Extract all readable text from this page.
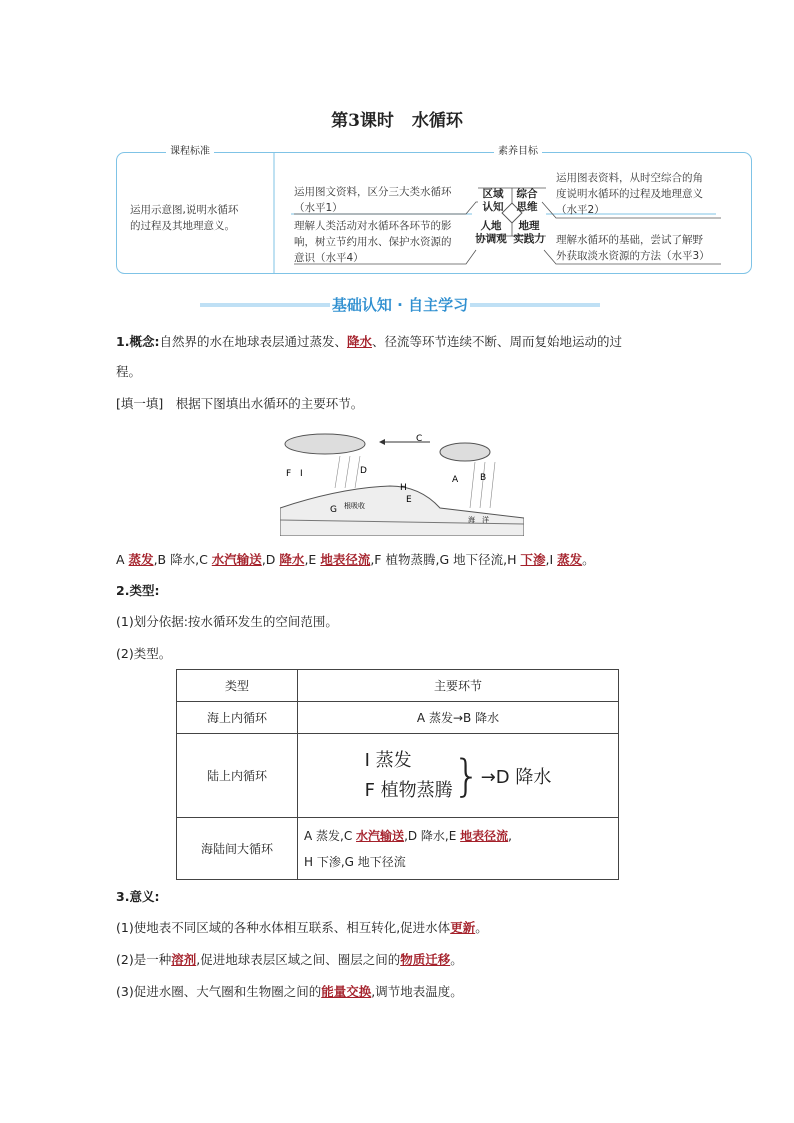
第3课时 水循环
课程标准	素养目标
运用示意图,说明水循环
的过程及其地理意义。
运用图文资料，区分三大类水循环
（水平1）
理解人类活动对水循环各环节的影
响，树立节约用水、保护水资源的
意识（水平4）
运用图表资料，从时空综合的角
度说明水循环的过程及地理意义
（水平2）
理解水循环的基础，尝试了解野
外获取淡水资源的方法（水平3）
区域
认知
综合
思维
人地
协调观
地理
实践力
基础认知 · 自主学习
1.概念:自然界的水在地球表层通过蒸发、降水、径流等环节连续不断、周而复始地运动的过
程。
[填一填]　 根据下图填出水循环的主要环节。
C
D
A B
F I
G
E
H
根吸收
海　洋
A 蒸发,B 降水,C 水汽输送,D 降水,E 地表径流,F 植物蒸腾,G 地下径流,H 下渗,I 蒸发。
2.类型:
(1)划分依据:按水循环发生的空间范围。
(2)类型。
类型	主要环节
海上内循环	A 蒸发→B 降水
陆上内循环	I 蒸发
F 植物蒸腾 }→D 降水
海陆间大循环	A 蒸发,C 水汽输送,D 降水,E 地表径流,
H 下渗,G 地下径流
3.意义:
(1)使地表不同区域的各种水体相互联系、相互转化,促进水体更新。
(2)是一种溶剂,促进地球表层区域之间、圈层之间的物质迁移。
(3)促进水圈、大气圈和生物圈之间的能量交换,调节地表温度。
